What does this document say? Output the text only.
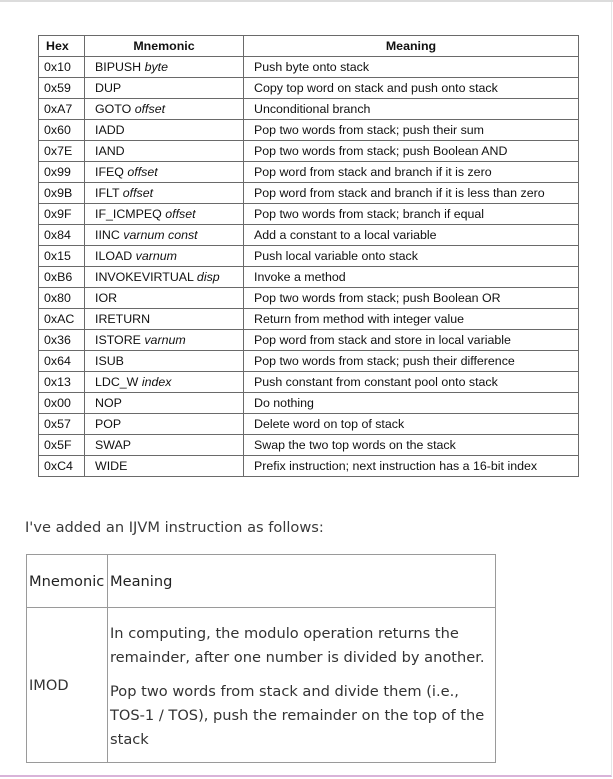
Hex	Mnemonic	Meaning
0x10	BIPUSH byte	Push byte onto stack
0x59	DUP	Copy top word on stack and push onto stack
0xA7	GOTO offset	Unconditional branch
0x60	IADD	Pop two words from stack; push their sum
0x7E	IAND	Pop two words from stack; push Boolean AND
0x99	IFEQ offset	Pop word from stack and branch if it is zero
0x9B	IFLT offset	Pop word from stack and branch if it is less than zero
0x9F	IF_ICMPEQ offset	Pop two words from stack; branch if equal
0x84	IINC varnum const	Add a constant to a local variable
0x15	ILOAD varnum	Push local variable onto stack
0xB6	INVOKEVIRTUAL disp	Invoke a method
0x80	IOR	Pop two words from stack; push Boolean OR
0xAC	IRETURN	Return from method with integer value
0x36	ISTORE varnum	Pop word from stack and store in local variable
0x64	ISUB	Pop two words from stack; push their difference
0x13	LDC_W index	Push constant from constant pool onto stack
0x00	NOP	Do nothing
0x57	POP	Delete word on top of stack
0x5F	SWAP	Swap the two top words on the stack
0xC4	WIDE	Prefix instruction; next instruction has a 16-bit index

I've added an IJVM instruction as follows:

Mnemonic	Meaning
IMOD	In computing, the modulo operation returns the remainder, after one number is divided by another.

Pop two words from stack and divide them (i.e., TOS-1 / TOS), push the remainder on the top of the stack
